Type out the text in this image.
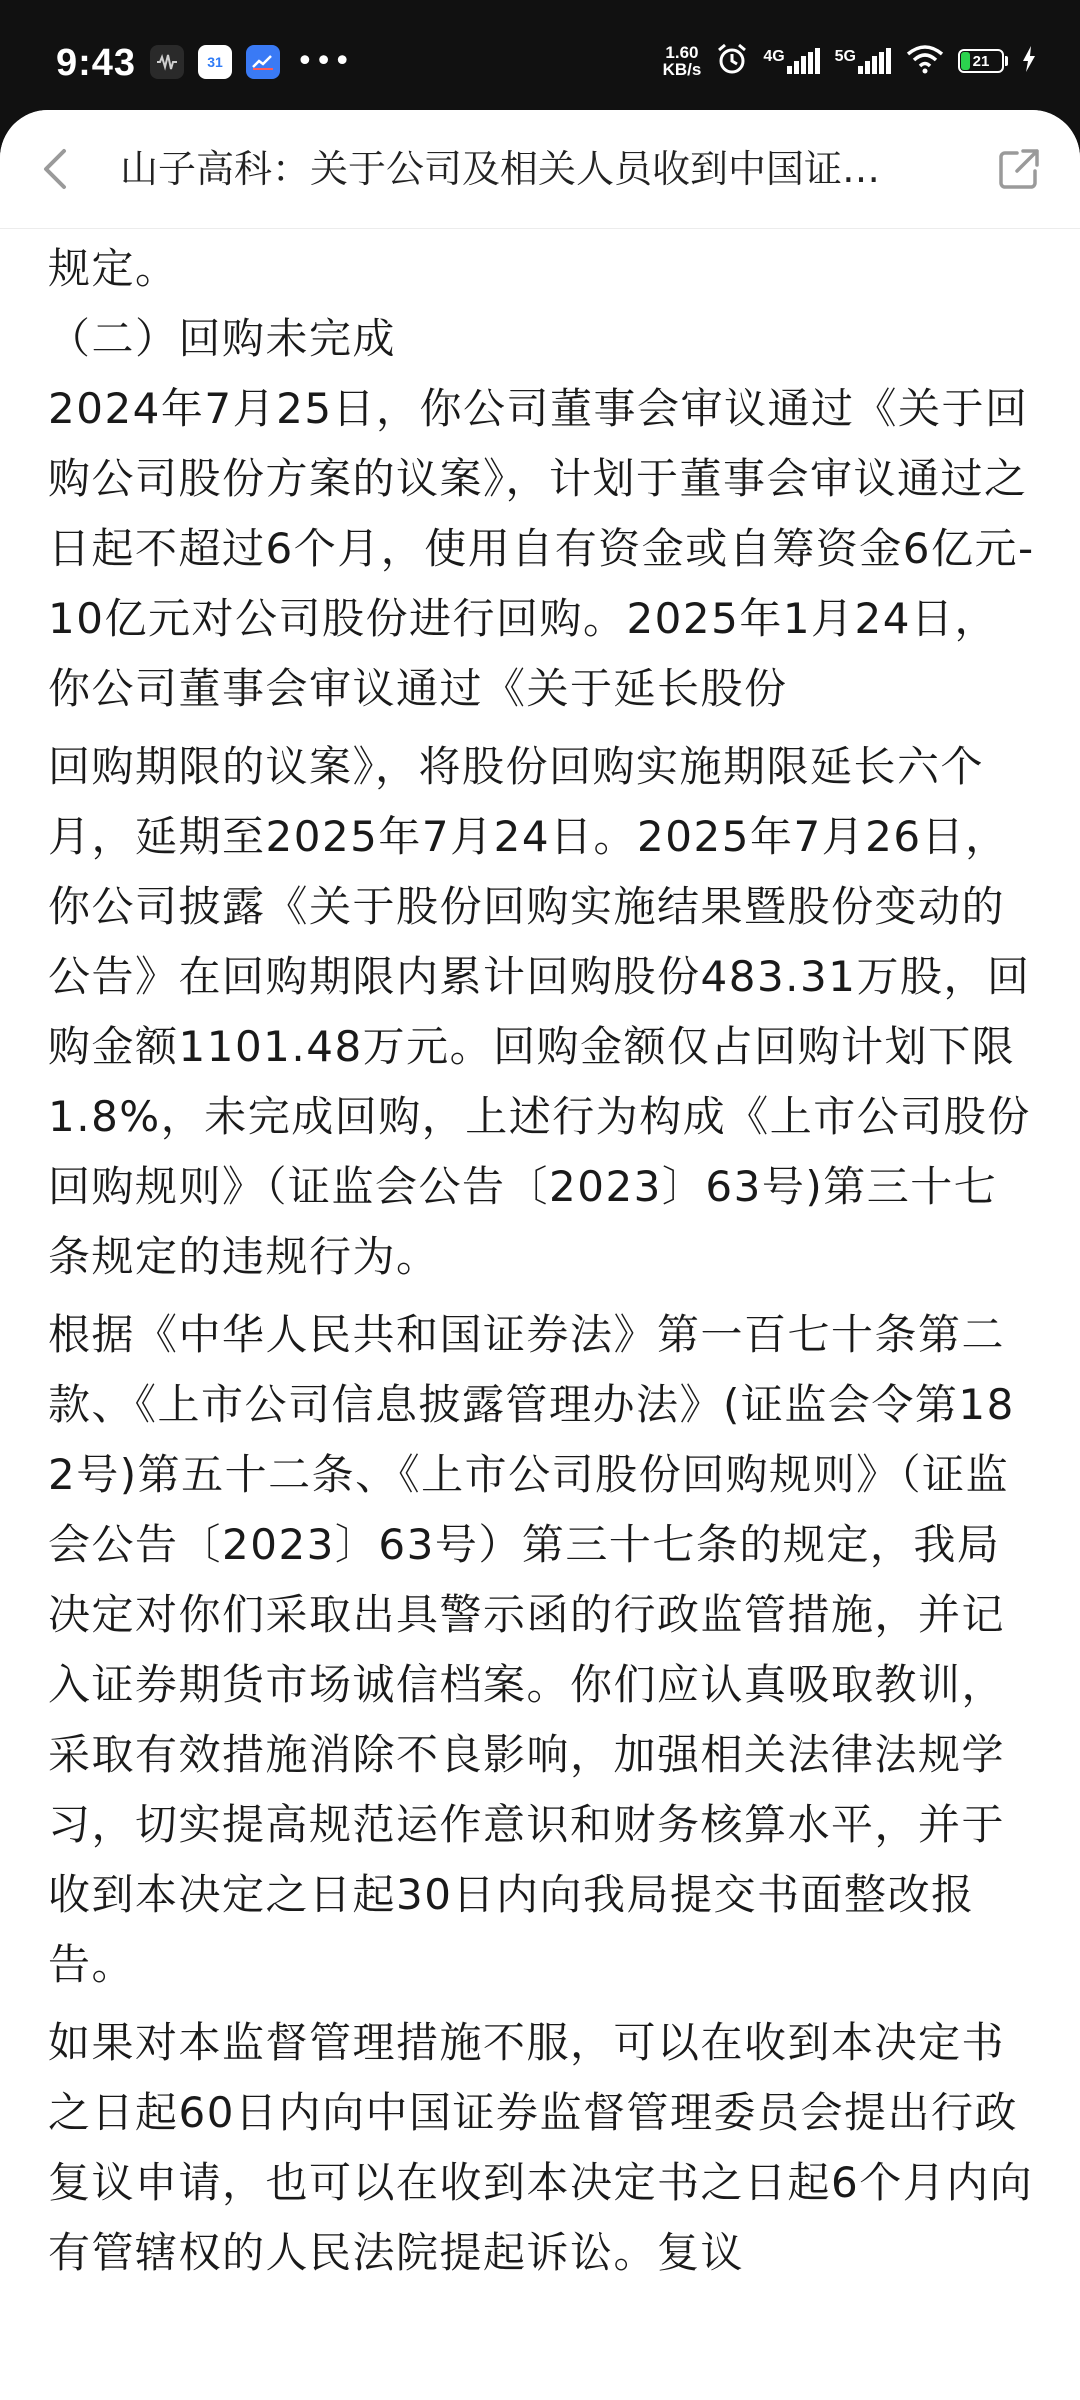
9:43	31	•••	1.60
KB/s
4G	5G	21
山子高科：关于公司及相关人员收到中国证…

规定。

（二）回购未完成

2024年7月25日，你公司董事会审议通过《关于回购公司股份方案的议案》，计划于董事会审议通过之日起不超过6个月，使用自有资金或自筹资金6亿元-10亿元对公司股份进行回购。2025年1月24日，你公司董事会审议通过《关于延长股份

回购期限的议案》，将股份回购实施期限延长六个月，延期至2025年7月24日。2025年7月26日，你公司披露《关于股份回购实施结果暨股份变动的公告》在回购期限内累计回购股份483.31万股，回购金额1101.48万元。回购金额仅占回购计划下限1.8%，未完成回购，上述行为构成《上市公司股份回购规则》（证监会公告〔2023〕63号)第三十七条规定的违规行为。

根据《中华人民共和国证券法》第一百七十条第二款、《上市公司信息披露管理办法》(证监会令第182号)第五十二条、《上市公司股份回购规则》（证监会公告〔2023〕63号）第三十七条的规定，我局决定对你们采取出具警示函的行政监管措施，并记入证券期货市场诚信档案。你们应认真吸取教训，采取有效措施消除不良影响，加强相关法律法规学习，切实提高规范运作意识和财务核算水平，并于收到本决定之日起30日内向我局提交书面整改报告。

如果对本监督管理措施不服，可以在收到本决定书之日起60日内向中国证券监督管理委员会提出行政复议申请，也可以在收到本决定书之日起6个月内向有管辖权的人民法院提起诉讼。复议
